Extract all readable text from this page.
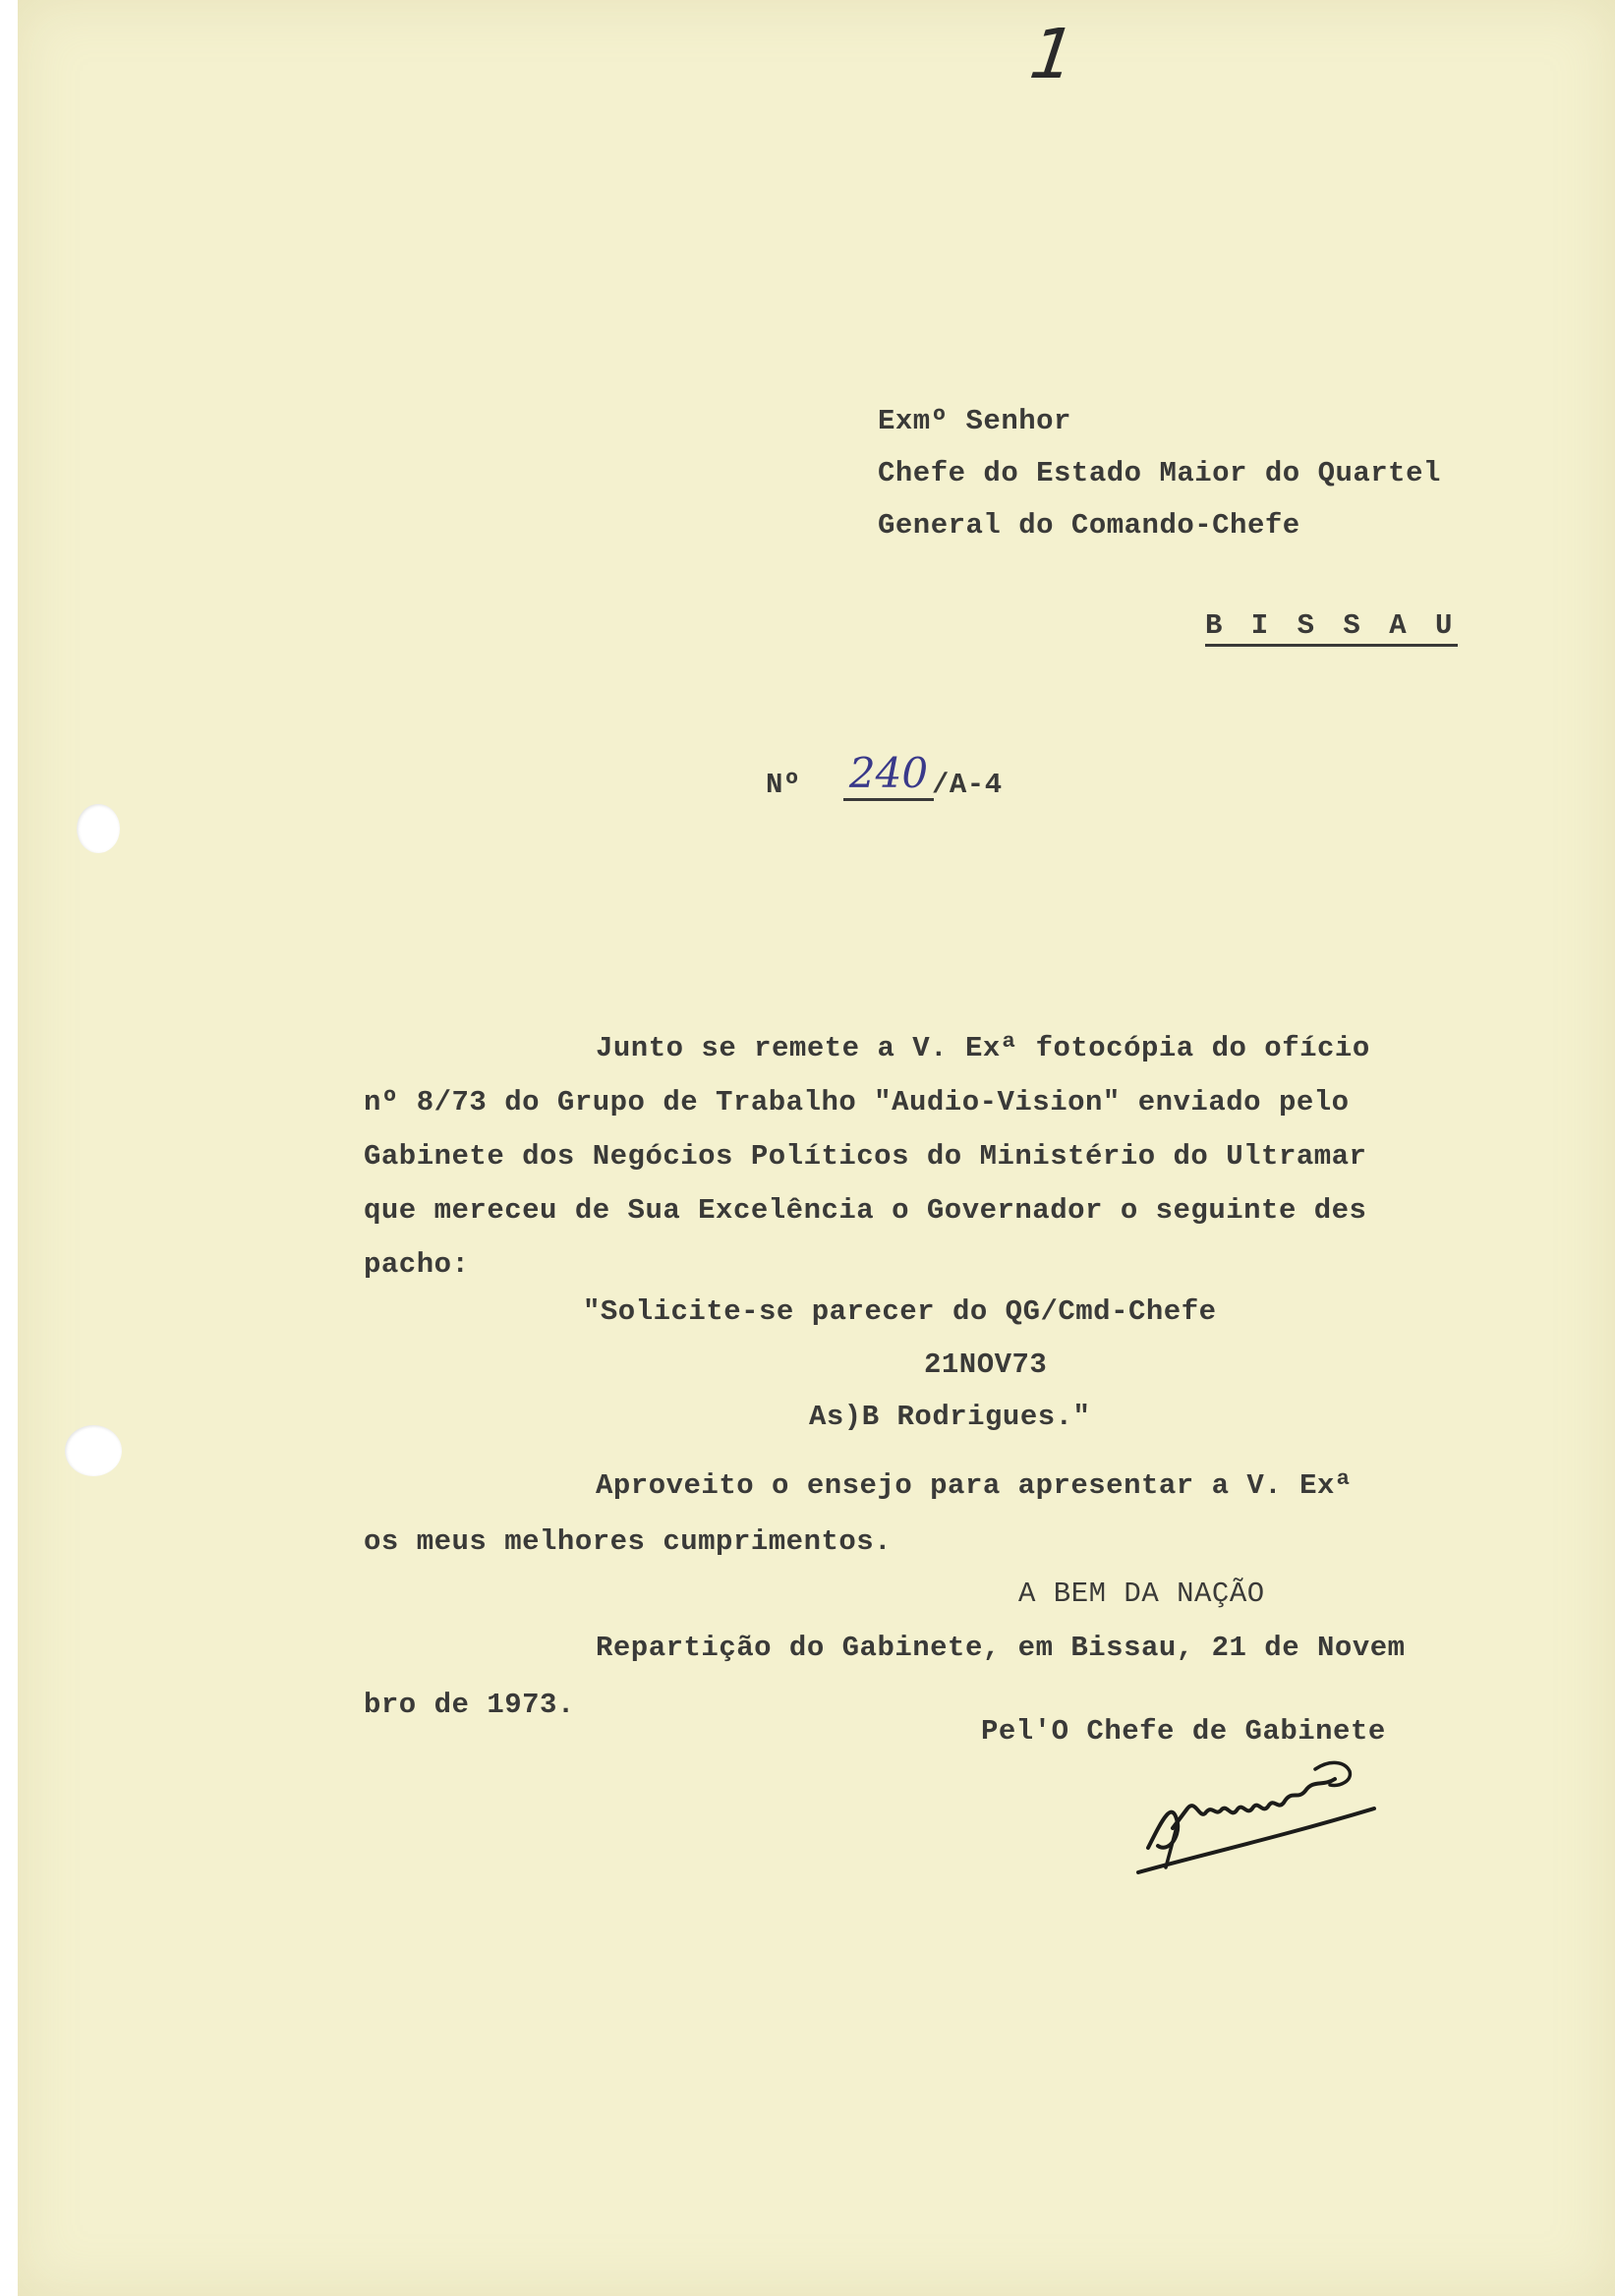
1
Exmº Senhor
Chefe do Estado Maior do Quartel
General do Comando-Chefe
B I S S A U
Nº 240 /A-4
Junto se remete a V. Exª fotocópia do ofício
nº 8/73 do Grupo de Trabalho "Audio-Vision" enviado pelo
Gabinete dos Negócios Políticos do Ministério do Ultramar
que mereceu de Sua Excelência o Governador o seguinte des
pacho:
"Solicite-se parecer do QG/Cmd-Chefe
21NOV73
As)B Rodrigues."
Aproveito o ensejo para apresentar a V. Exª
os meus melhores cumprimentos.
A BEM DA NAÇÃO
Repartição do Gabinete, em Bissau, 21 de Novem
bro de 1973.
Pel'O Chefe de Gabinete
